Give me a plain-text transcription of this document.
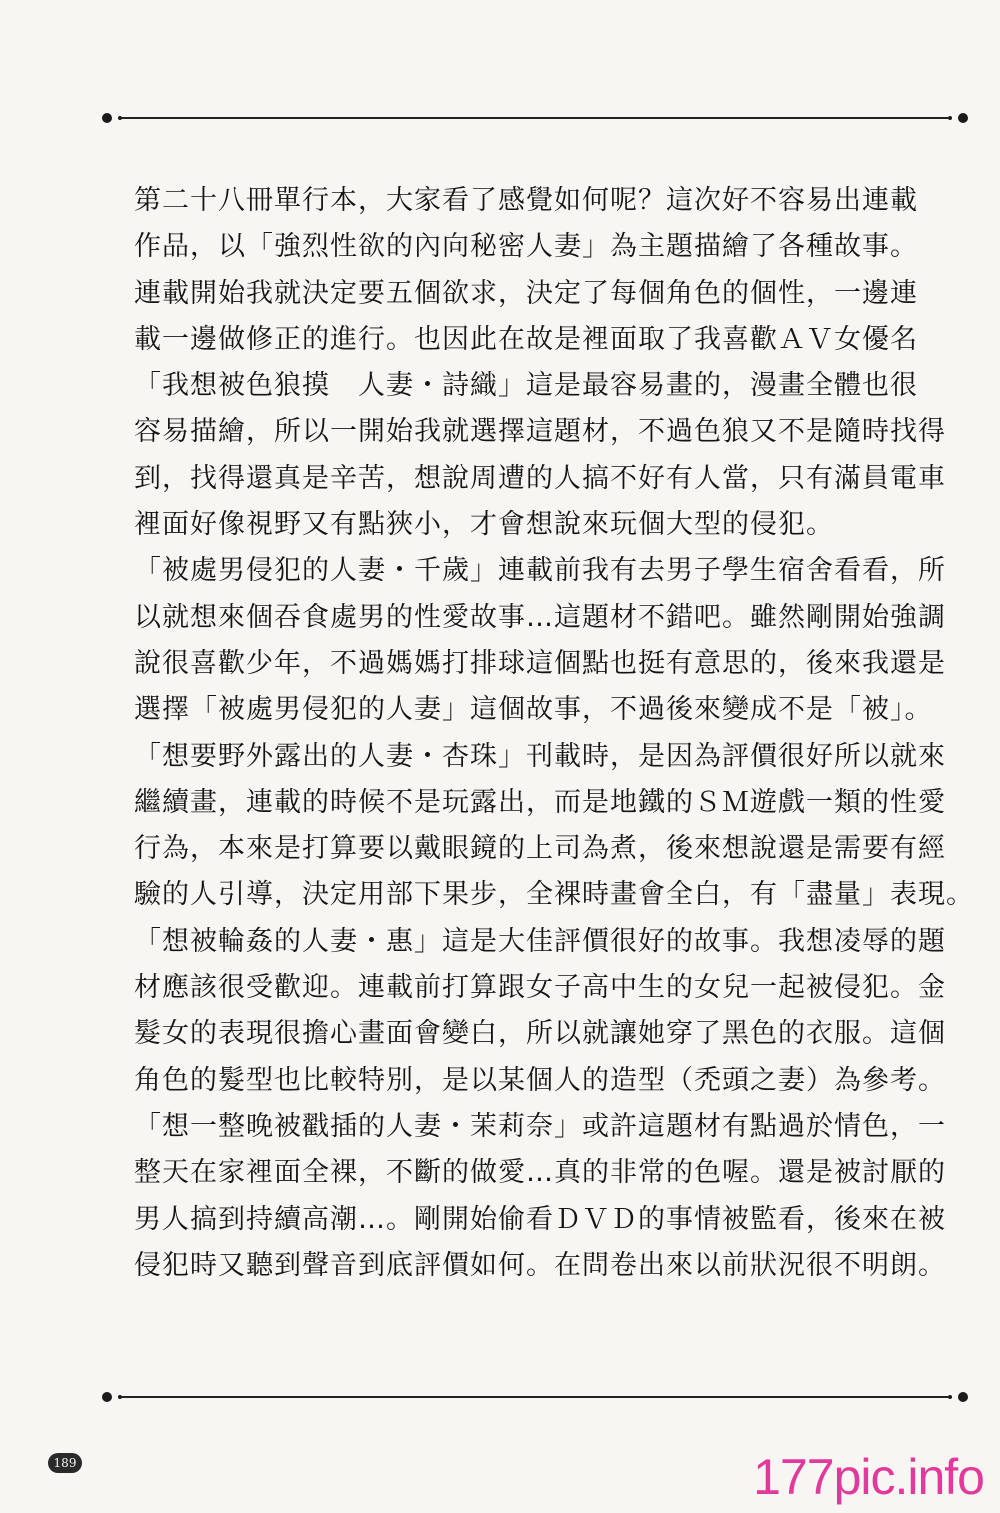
第二十八冊單行本，大家看了感覺如何呢？這次好不容易出連載
作品，以「強烈性欲的內向秘密人妻」為主題描繪了各種故事。
連載開始我就決定要五個欲求，決定了每個角色的個性，一邊連
載一邊做修正的進行。也因此在故是裡面取了我喜歡ＡＶ女優名
「我想被色狼摸　人妻・詩織」這是最容易畫的，漫畫全體也很
容易描繪，所以一開始我就選擇這題材，不過色狼又不是隨時找得
到，找得還真是辛苦，想說周遭的人搞不好有人當，只有滿員電車
裡面好像視野又有點狹小，才會想說來玩個大型的侵犯。
「被處男侵犯的人妻・千歲」連載前我有去男子學生宿舍看看，所
以就想來個吞食處男的性愛故事…這題材不錯吧。雖然剛開始強調
說很喜歡少年，不過媽媽打排球這個點也挺有意思的，後來我還是
選擇「被處男侵犯的人妻」這個故事，不過後來變成不是「被」。
「想要野外露出的人妻・杏珠」刊載時，是因為評價很好所以就來
繼續畫，連載的時候不是玩露出，而是地鐵的ＳＭ遊戲一類的性愛
行為，本來是打算要以戴眼鏡的上司為煮，後來想說還是需要有經
驗的人引導，決定用部下果步，全裸時畫會全白，有「盡量」表現。
「想被輪姦的人妻・惠」這是大佳評價很好的故事。我想凌辱的題
材應該很受歡迎。連載前打算跟女子高中生的女兒一起被侵犯。金
髮女的表現很擔心畫面會變白，所以就讓她穿了黑色的衣服。這個
角色的髮型也比較特別，是以某個人的造型（禿頭之妻）為參考。
「想一整晚被戳插的人妻・茉莉奈」或許這題材有點過於情色，一
整天在家裡面全裸，不斷的做愛…真的非常的色喔。還是被討厭的
男人搞到持續高潮…。剛開始偷看ＤＶＤ的事情被監看，後來在被
侵犯時又聽到聲音到底評價如何。在問卷出來以前狀況很不明朗。
189	177pic.info
